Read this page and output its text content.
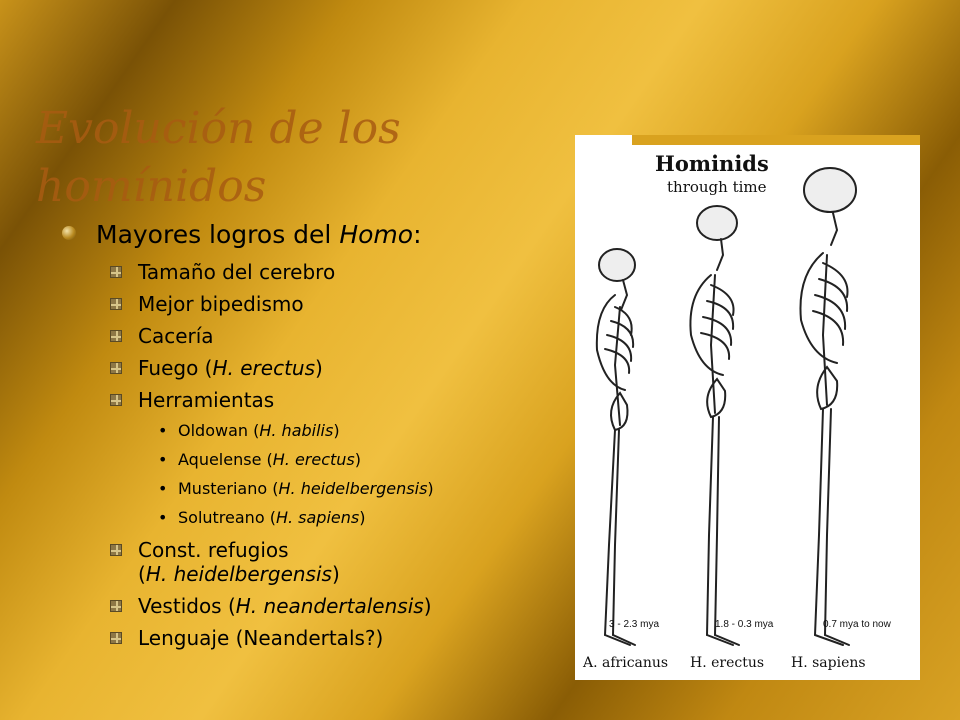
Evolución de los homínidos
Mayores logros del Homo:
Tamaño del cerebro
Mejor bipedismo
Cacería
Fuego (H. erectus)
Herramientas
• Oldowan (H. habilis)
• Aquelense (H. erectus)
• Musteriano (H. heidelbergensis)
• Solutreano (H. sapiens)
Const. refugios
(H. heidelbergensis)
Vestidos (H. neandertalensis)
Lenguaje (Neandertals?)
Hominids
through time
3 - 2.3 mya	1.8 - 0.3 mya	0.7 mya to now
A. africanus H. erectus H. sapiens
